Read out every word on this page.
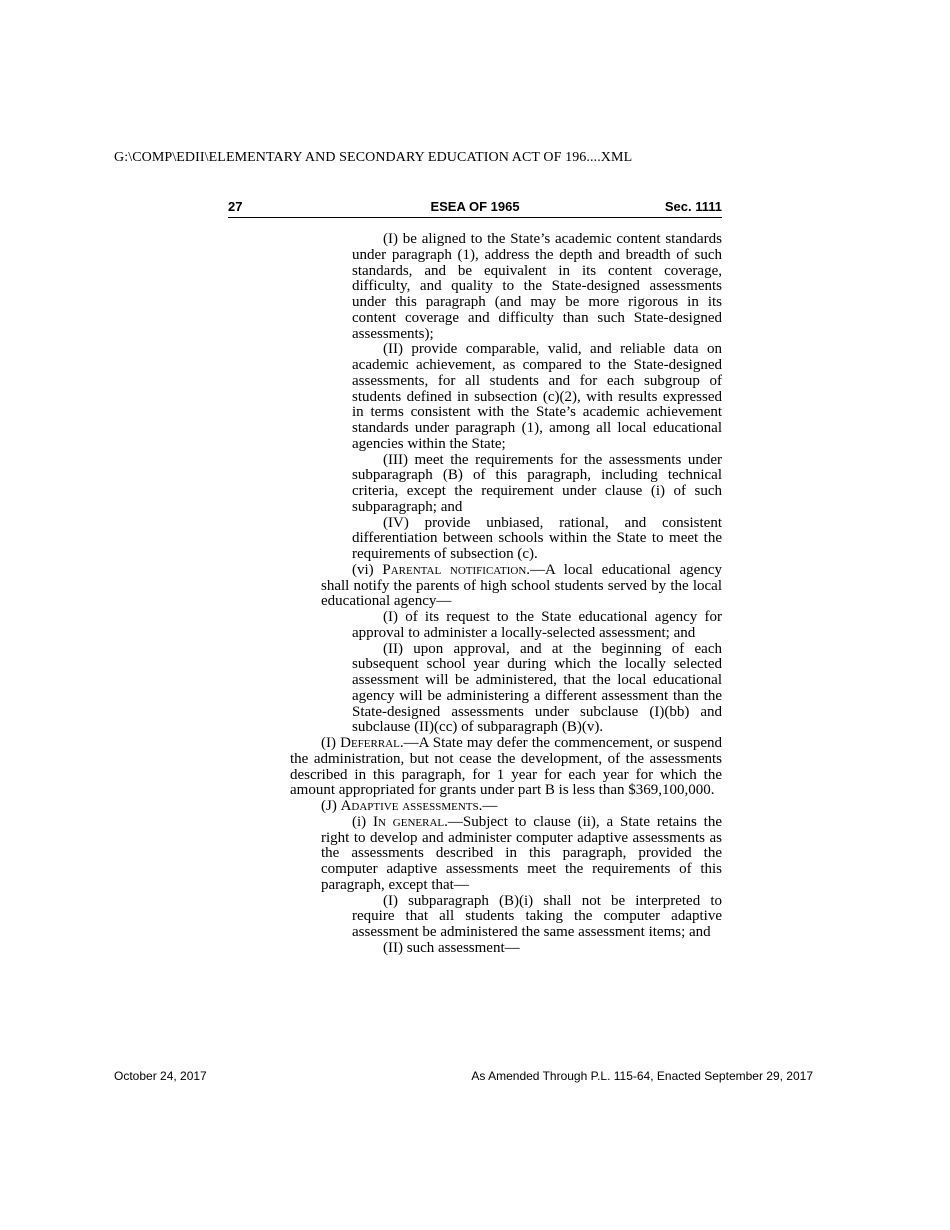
G:\COMP\EDII\ELEMENTARY AND SECONDARY EDUCATION ACT OF 196....XML
27	ESEA OF 1965	Sec. 1111

(I) be aligned to the State’s academic content standards under paragraph (1), address the depth and breadth of such standards, and be equivalent in its content coverage, difficulty, and quality to the State-designed assessments under this paragraph (and may be more rigorous in its content coverage and difficulty than such State-designed assessments);

(II) provide comparable, valid, and reliable data on academic achievement, as compared to the State-designed assessments, for all students and for each subgroup of students defined in subsection (c)(2), with results expressed in terms consistent with the State’s academic achievement standards under paragraph (1), among all local educational agencies within the State;

(III) meet the requirements for the assessments under subparagraph (B) of this paragraph, including technical criteria, except the requirement under clause (i) of such subparagraph; and

(IV) provide unbiased, rational, and consistent differentiation between schools within the State to meet the requirements of subsection (c).

(vi) Parental notification.—A local educational agency shall notify the parents of high school students served by the local educational agency—

(I) of its request to the State educational agency for approval to administer a locally-selected assessment; and

(II) upon approval, and at the beginning of each subsequent school year during which the locally selected assessment will be administered, that the local educational agency will be administering a different assessment than the State-designed assessments under subclause (I)(bb) and subclause (II)(cc) of subparagraph (B)(v).

(I) Deferral.—A State may defer the commencement, or suspend the administration, but not cease the development, of the assessments described in this paragraph, for 1 year for each year for which the amount appropriated for grants under part B is less than $369,100,000.

(J) Adaptive assessments.—

(i) In general.—Subject to clause (ii), a State retains the right to develop and administer computer adaptive assessments as the assessments described in this paragraph, provided the computer adaptive assessments meet the requirements of this paragraph, except that—

(I) subparagraph (B)(i) shall not be interpreted to require that all students taking the computer adaptive assessment be administered the same assessment items; and

(II) such assessment—

October 24, 2017	As Amended Through P.L. 115-64, Enacted September 29, 2017
